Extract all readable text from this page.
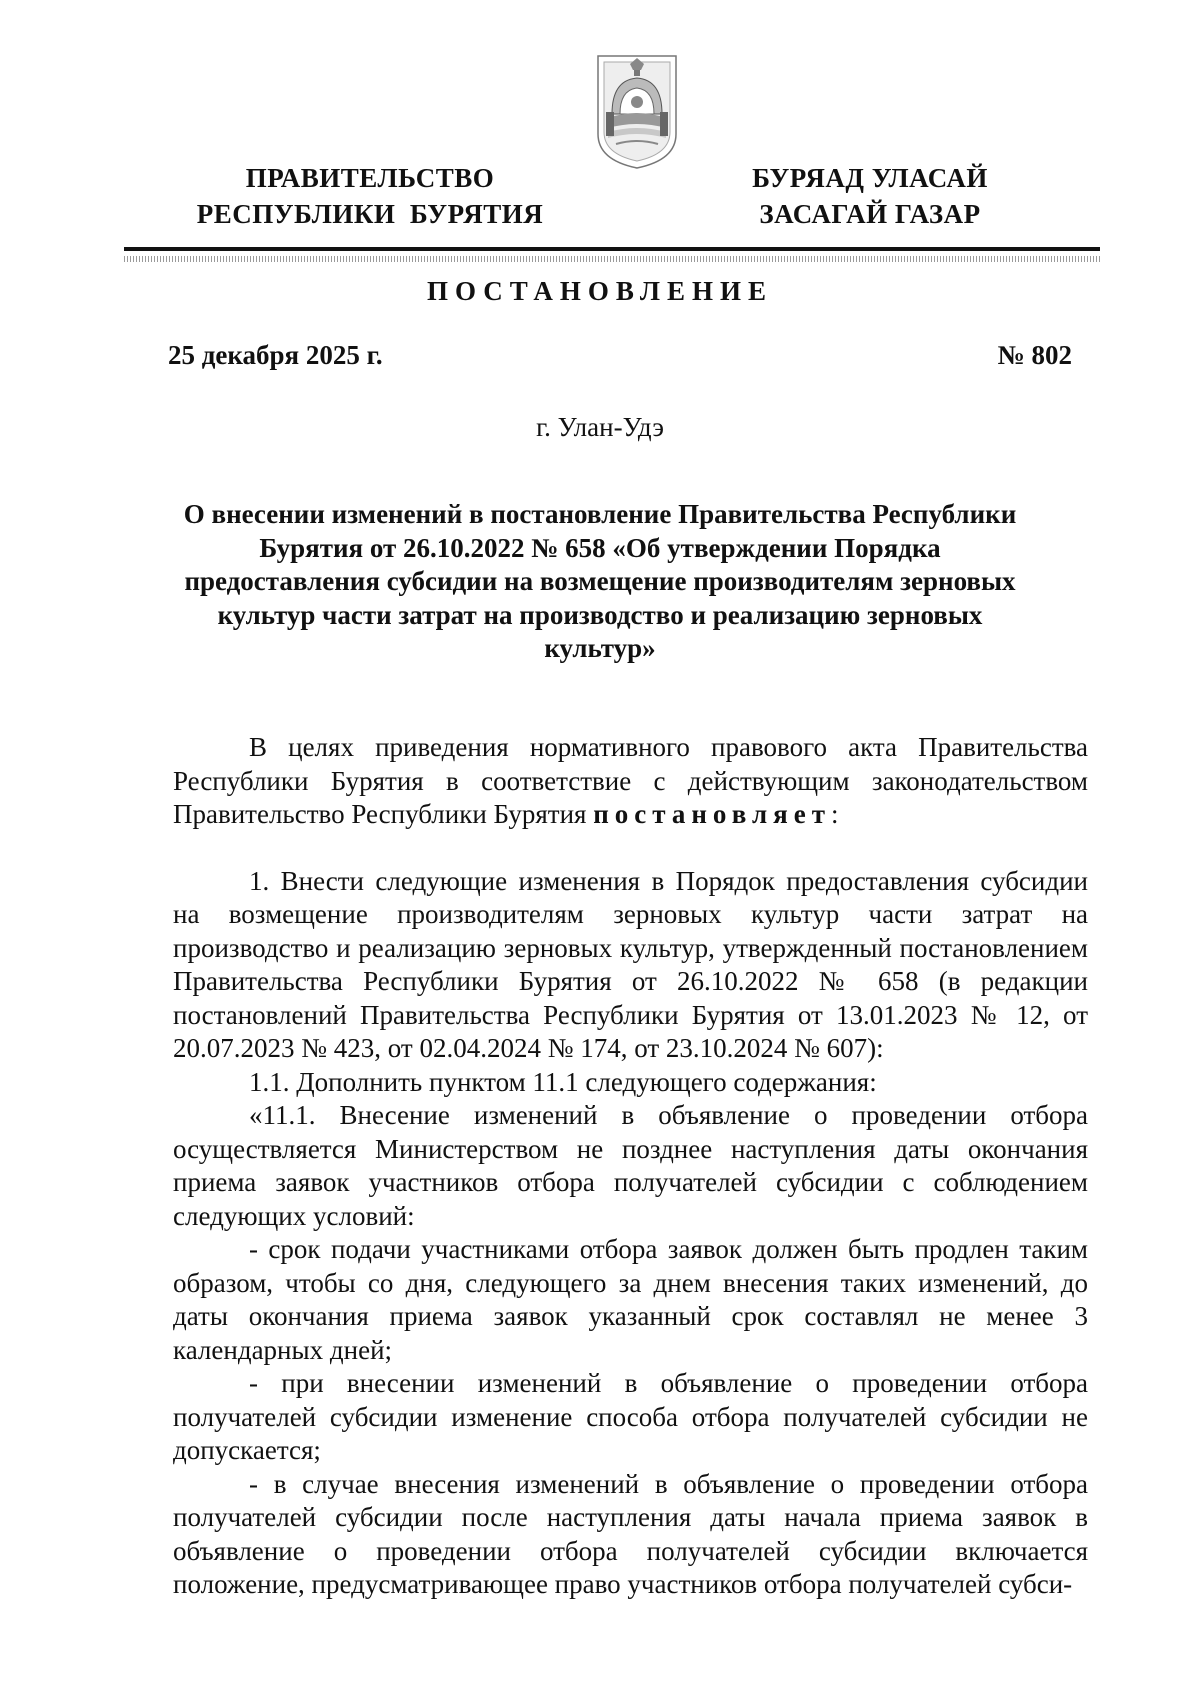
ПРАВИТЕЛЬСТВО
РЕСПУБЛИКИ  БУРЯТИЯ
БУРЯАД УЛАСАЙ
ЗАСАГАЙ ГАЗАР
ПОСТАНОВЛЕНИЕ
25 декабря 2025 г.	№ 802
г. Улан-Удэ
О внесении изменений в постановление Правительства Республики Бурятия от 26.10.2022 № 658 «Об утверждении Порядка предоставления субсидии на возмещение производителям зерновых культур части затрат на производство и реализацию зерновых культур»

В целях приведения нормативного правового акта Правительства Республики Бурятия в соответствие с действующим законодательством Правительство Республики Бурятия постановляет:

1. Внести следующие изменения в Порядок предоставления субсидии на возмещение производителям зерновых культур части затрат на производство и реализацию зерновых культур, утвержденный постановлением Правительства Республики Бурятия от 26.10.2022 № 658 (в редакции постановлений Правительства Республики Бурятия от 13.01.2023 № 12, от 20.07.2023 № 423, от 02.04.2024 № 174, от 23.10.2024 № 607):

1.1. Дополнить пунктом 11.1 следующего содержания:

«11.1. Внесение изменений в объявление о проведении отбора осуществляется Министерством не позднее наступления даты окончания приема заявок участников отбора получателей субсидии с соблюдением следующих условий:

- срок подачи участниками отбора заявок должен быть продлен таким образом, чтобы со дня, следующего за днем внесения таких изменений, до даты окончания приема заявок указанный срок составлял не менее 3 календарных дней;

- при внесении изменений в объявление о проведении отбора получателей субсидии изменение способа отбора получателей субсидии не допускается;

- в случае внесения изменений в объявление о проведении отбора получателей субсидии после наступления даты начала приема заявок в объявление о проведении отбора получателей субсидии включается положение, предусматривающее право участников отбора получателей субси-
